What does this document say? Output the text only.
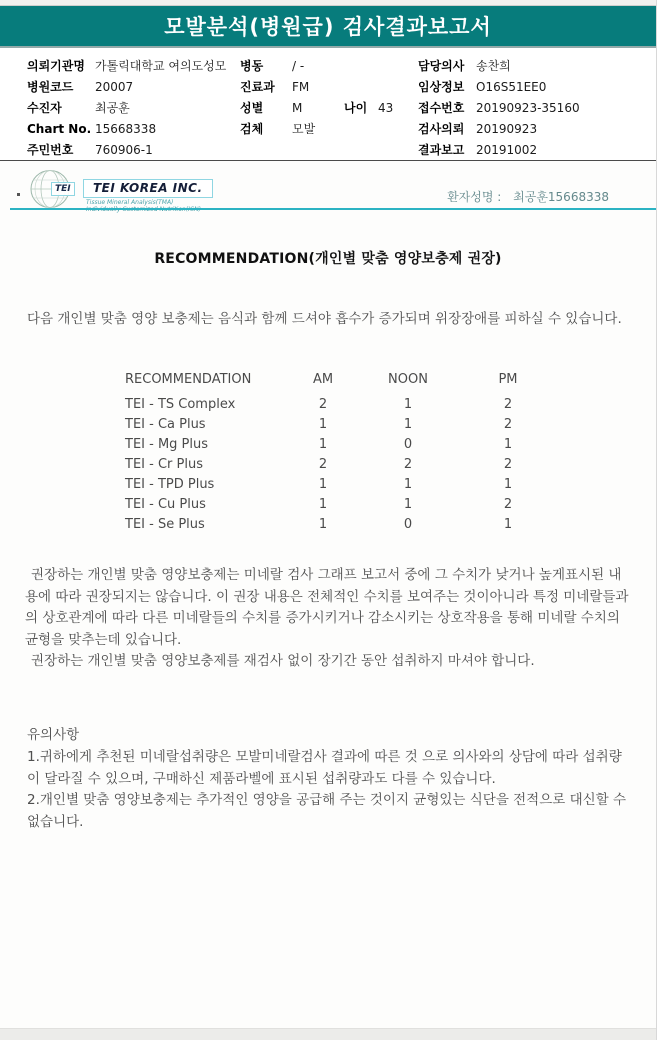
모발분석(병원급) 검사결과보고서
의뢰기관명 가톨릭대학교 여의도성모	병동	/ -	담당의사 송찬희
병원코드	20007	진료과	FM	임상정보 O16S51EE0
수진자	최공훈	성별	M	나이 43	접수번호 20190923-35160
Chart No. 15668338	검체	모발	검사의뢰 20190923
주민번호	760906-1	결과보고 20191002
TEI	TEI KOREA INC.
Tissue Mineral Analysis(TMA)	환자성명 : 최공훈15668338
RECOMMENDATION(개인별 맞춤 영양보충제 권장)

다음 개인별 맞춤 영양 보충제는 음식과 함께 드셔야 흡수가 증가되며 위장장애를 피하실 수 있습니다.

RECOMMENDATION	AM	NOON	PM
TEI - TS Complex	2	1	2
TEI - Ca Plus	1	1	2
TEI - Mg Plus	1	0	1
TEI - Cr Plus	2	2	2
TEI - TPD Plus	1	1	1
TEI - Cu Plus	1	1	2
TEI - Se Plus	1	0	1

권장하는 개인별 맞춤 영양보충제는 미네랄 검사 그래프 보고서 중에 그 수치가 낮거나 높게표시된 내용에 따라 권장되지는 않습니다. 이 권장 내용은 전체적인 수치를 보여주는 것이아니라 특정 미네랄들과의 상호관계에 따라 다른 미네랄들의 수치를 증가시키거나 감소시키는 상호작용을 통해 미네랄 수치의 균형을 맞추는데 있습니다.

권장하는 개인별 맞춤 영양보충제를 재검사 없이 장기간 동안 섭취하지 마셔야 합니다.

유의사항
1.귀하에게 추천된 미네랄섭취량은 모발미네랄검사 결과에 따른 것 으로 의사와의 상담에 따라 섭취량이 달라질 수 있으며, 구매하신 제품라벨에 표시된 섭취량과도 다를 수 있습니다.
2.개인별 맞춤 영양보충제는 추가적인 영양을 공급해 주는 것이지 균형있는 식단을 전적으로 대신할 수 없습니다.
